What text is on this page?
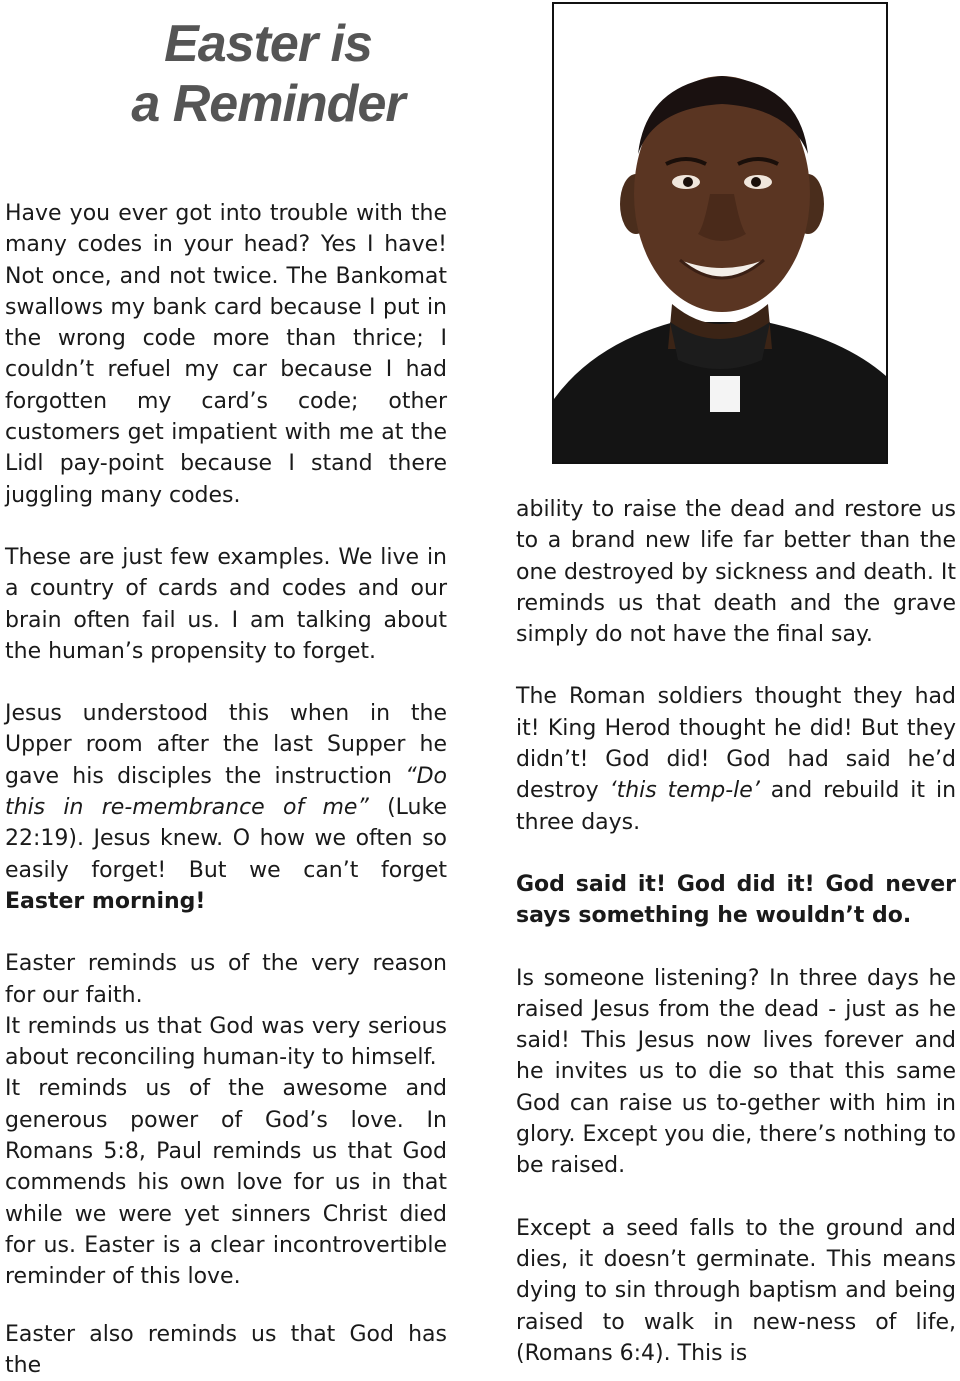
Easter is
a Reminder

Have you ever got into trouble with the many codes in your head? Yes I have! Not once, and not twice. The Bankomat swallows my bank card because I put in the wrong code more than thrice; I couldn’t refuel my car because I had forgotten my card’s code; other customers get impatient with me at the Lidl pay-point because I stand there juggling many codes.

These are just few examples. We live in a country of cards and codes and our brain often fail us. I am talking about the human’s propensity to forget.

Jesus understood this when in the Upper room after the last Supper he gave his disciples the instruction “Do this in re-membrance of me” (Luke 22:19). Jesus knew. O how we often so easily forget! But we can’t forget Easter morning!

Easter reminds us of the very reason for our faith.

It reminds us that God was very serious about reconciling human-ity to himself.

It reminds us of the awesome and generous power of God’s love. In Romans 5:8, Paul reminds us that God commends his own love for us in that while we were yet sinners Christ died for us. Easter is a clear incontrovertible reminder of this love.

Easter also reminds us that God has the

ability to raise the dead and restore us to a brand new life far better than the one destroyed by sickness and death. It reminds us that death and the grave simply do not have the final say.

The Roman soldiers thought they had it! King Herod thought he did! But they didn’t! God did! God had said he’d destroy ‘this temp-le’ and rebuild it in three days.

God said it! God did it! God never says something he wouldn’t do.

Is someone listening? In three days he raised Jesus from the dead - just as he said! This Jesus now lives forever and he invites us to die so that this same God can raise us to-gether with him in glory. Except you die, there’s nothing to be raised.

Except a seed falls to the ground and dies, it doesn’t germinate. This means dying to sin through baptism and being raised to walk in new-ness of life, (Romans 6:4). This is
